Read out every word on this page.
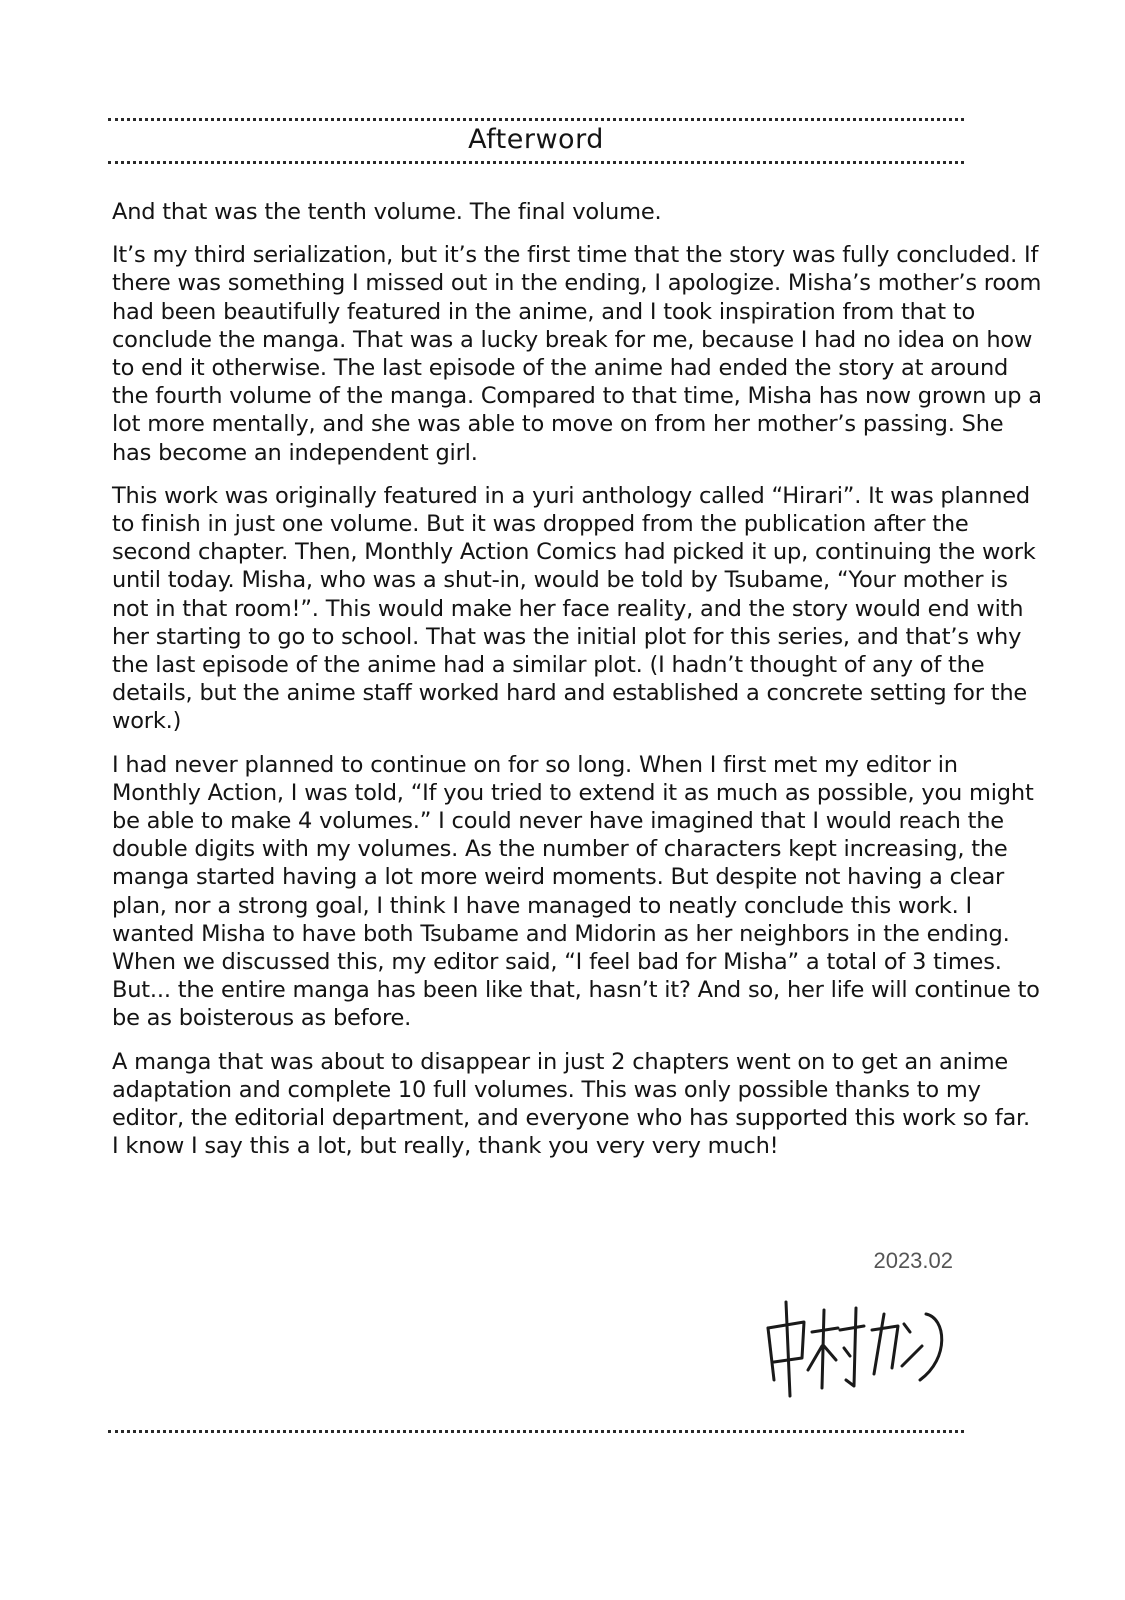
Afterword

And that was the tenth volume. The final volume.

It’s my third serialization, but it’s the first time that the story was fully concluded. If there was something I missed out in the ending, I apologize. Misha’s mother’s room had been beautifully featured in the anime, and I took inspiration from that to conclude the manga. That was a lucky break for me, because I had no idea on how to end it otherwise. The last episode of the anime had ended the story at around the fourth volume of the manga. Compared to that time, Misha has now grown up a lot more mentally, and she was able to move on from her mother’s passing. She has become an independent girl.

This work was originally featured in a yuri anthology called “Hirari”. It was planned to finish in just one volume. But it was dropped from the publication after the second chapter. Then, Monthly Action Comics had picked it up, continuing the work until today. Misha, who was a shut-in, would be told by Tsubame, “Your mother is not in that room!”. This would make her face reality, and the story would end with her starting to go to school. That was the initial plot for this series, and that’s why the last episode of the anime had a similar plot. (I hadn’t thought of any of the details, but the anime staff worked hard and established a concrete setting for the work.)

I had never planned to continue on for so long. When I first met my editor in Monthly Action, I was told, “If you tried to extend it as much as possible, you might be able to make 4 volumes.” I could never have imagined that I would reach the double digits with my volumes. As the number of characters kept increasing, the manga started having a lot more weird moments. But despite not having a clear plan, nor a strong goal, I think I have managed to neatly conclude this work. I wanted Misha to have both Tsubame and Midorin as her neighbors in the ending. When we discussed this, my editor said, “I feel bad for Misha” a total of 3 times. But... the entire manga has been like that, hasn’t it? And so, her life will continue to be as boisterous as before.

A manga that was about to disappear in just 2 chapters went on to get an anime adaptation and complete 10 full volumes. This was only possible thanks to my editor, the editorial department, and everyone who has supported this work so far. I know I say this a lot, but really, thank you very very much!

2023.02
